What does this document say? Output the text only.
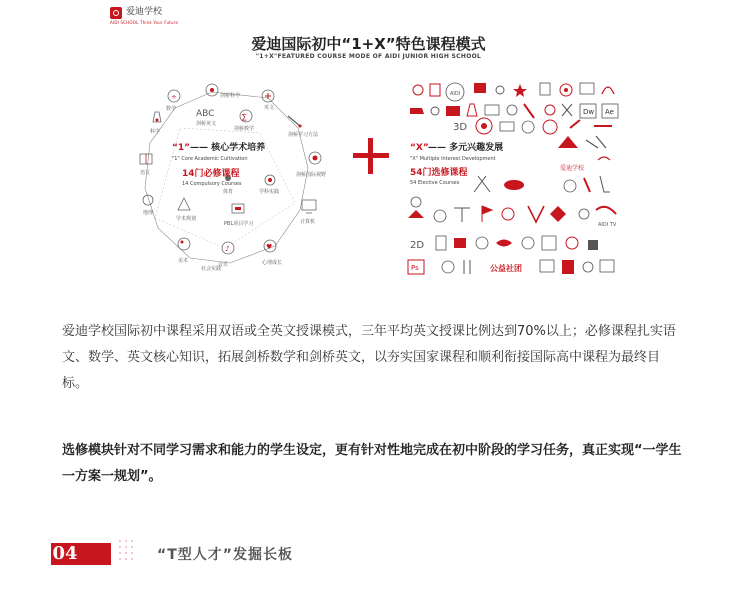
爱迪学校
AIDI SCHOOL Think Your Future
爱迪国际初中“1+X”特色课程模式
"1+X"FEATURED COURSE MODE OF AIDI JUNIOR HIGH SCHOOL
剑桥科学
英文
÷
数学 ABC
剑桥英文
∑
剑桥数学
科学	剑桥学习方法
语文	剑桥国际视野
体育	学科实践
地理
学术规划
PBL项目学习	计算机
美术
♪
音乐
♥
心理成长
社会实践
“1” —— 核心学术培养
"1" Core Academic Cultivation
14门必修课程
14 Compulsory Courses
AIDI
Dw Ae
3D
“X” —— 多元兴趣发展
"X" Multiple Interest Development
54门选修课程
54 Elective Courses
爱迪学校
AIDI TV
2D
Ps	公益社团
爱迪学校国际初中课程采用双语或全英文授课模式，三年平均英文授课比例达到70%以上；必修课程扎实语文、数学、英文核心知识，拓展剑桥数学和剑桥英文，以夯实国家课程和顺利衔接国际高中课程为最终目标。
选修模块针对不同学习需求和能力的学生设定，更有针对性地完成在初中阶段的学习任务，真正实现“一学生一方案一规划”。
04	“T型人才”发掘长板
